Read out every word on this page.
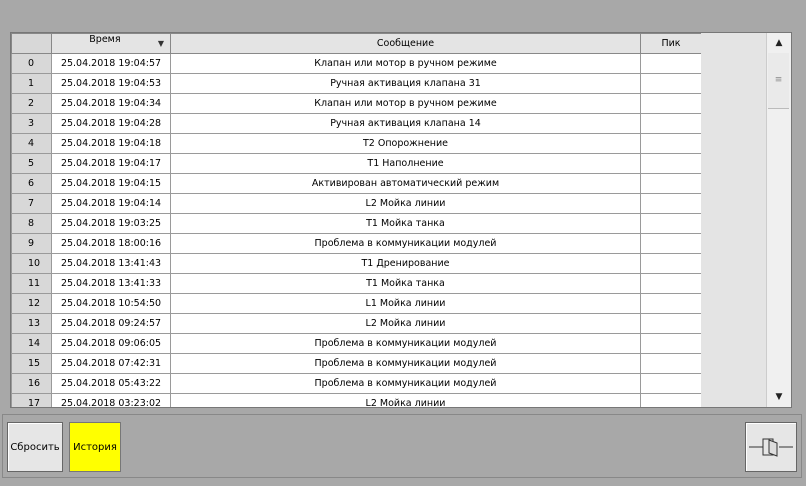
	Время ▼	Сообщение	Пик
0	25.04.2018 19:04:57	Клапан или мотор в ручном режиме	
1	25.04.2018 19:04:53	Ручная активация клапана 31	
2	25.04.2018 19:04:34	Клапан или мотор в ручном режиме	
3	25.04.2018 19:04:28	Ручная активация клапана 14	
4	25.04.2018 19:04:18	T2 Опорожнение	
5	25.04.2018 19:04:17	T1 Наполнение	
6	25.04.2018 19:04:15	Активирован автоматический режим	
7	25.04.2018 19:04:14	L2 Мойка линии	
8	25.04.2018 19:03:25	T1 Мойка танка	
9	25.04.2018 18:00:16	Проблема в коммуникации модулей	
10	25.04.2018 13:41:43	T1 Дренирование	
11	25.04.2018 13:41:33	T1 Мойка танка	
12	25.04.2018 10:54:50	L1 Мойка линии	
13	25.04.2018 09:24:57	L2 Мойка линии	
14	25.04.2018 09:06:05	Проблема в коммуникации модулей	
15	25.04.2018 07:42:31	Проблема в коммуникации модулей	
16	25.04.2018 05:43:22	Проблема в коммуникации модулей	
17	25.04.2018 03:23:02	L2 Мойка линии	
▲
≡
▼
Сбросить	История
